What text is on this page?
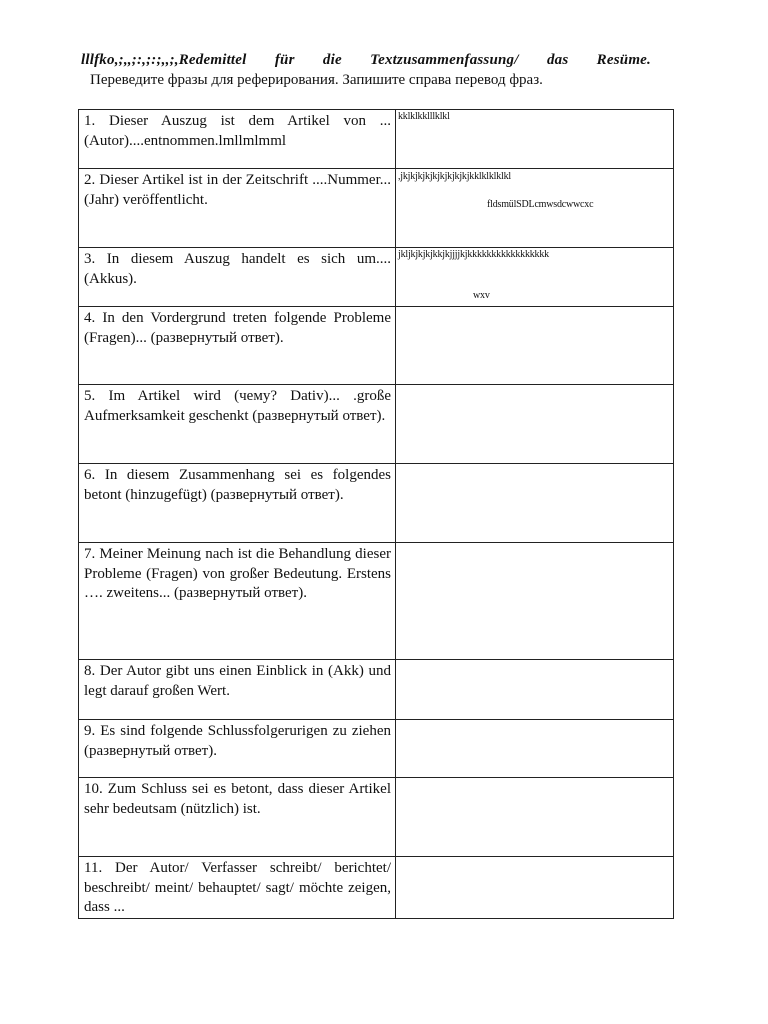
lllfko,;,,;:,;:;,,;,Redemittel für die Textzusammenfassung/ das Resüme.
Переведите фразы для реферирования. Запишите справа перевод фраз.
1. Dieser Auszug ist dem Artikel von ... (Autor)....entnommen.lmllmlmml	kklklkklllklkl

2. Dieser Artikel ist in der Zeitschrift ....Nummer... (Jahr) veröffentlicht.	,jkjkjkjkjkjkjkjkjkjkklklklklkl
fldsmülSDLcmwsdcwwcxc

3. In diesem Auszug handelt es sich um.... (Akkus).	jkljkjkjkjkkjkjjjjkjkkkkkkkkkkkkkkkkk
wxv

4. In den Vordergrund treten folgende Probleme (Fragen)... (развернутый ответ).	
5. Im Artikel wird (чему? Dativ)... .große Aufmerksamkeit geschenkt (развернутый ответ).	
6. In diesem Zusammenhang sei es folgendes betont (hinzugefügt) (развернутый ответ).	
7. Meiner Meinung nach ist die Behandlung dieser Probleme (Fragen) von großer Bedeutung. Erstens …. zweitens... (развернутый ответ).	
8. Der Autor gibt uns einen Einblick in (Akk) und legt darauf großen Wert.	
9. Es sind folgende Schlussfolgerurigen zu ziehen (развернутый ответ).	
10. Zum Schluss sei es betont, dass dieser Artikel sehr bedeutsam (nützlich) ist.	
11. Der Autor/ Verfasser schreibt/ berichtet/ beschreibt/ meint/ behauptet/ sagt/ möchte zeigen, dass ...	
